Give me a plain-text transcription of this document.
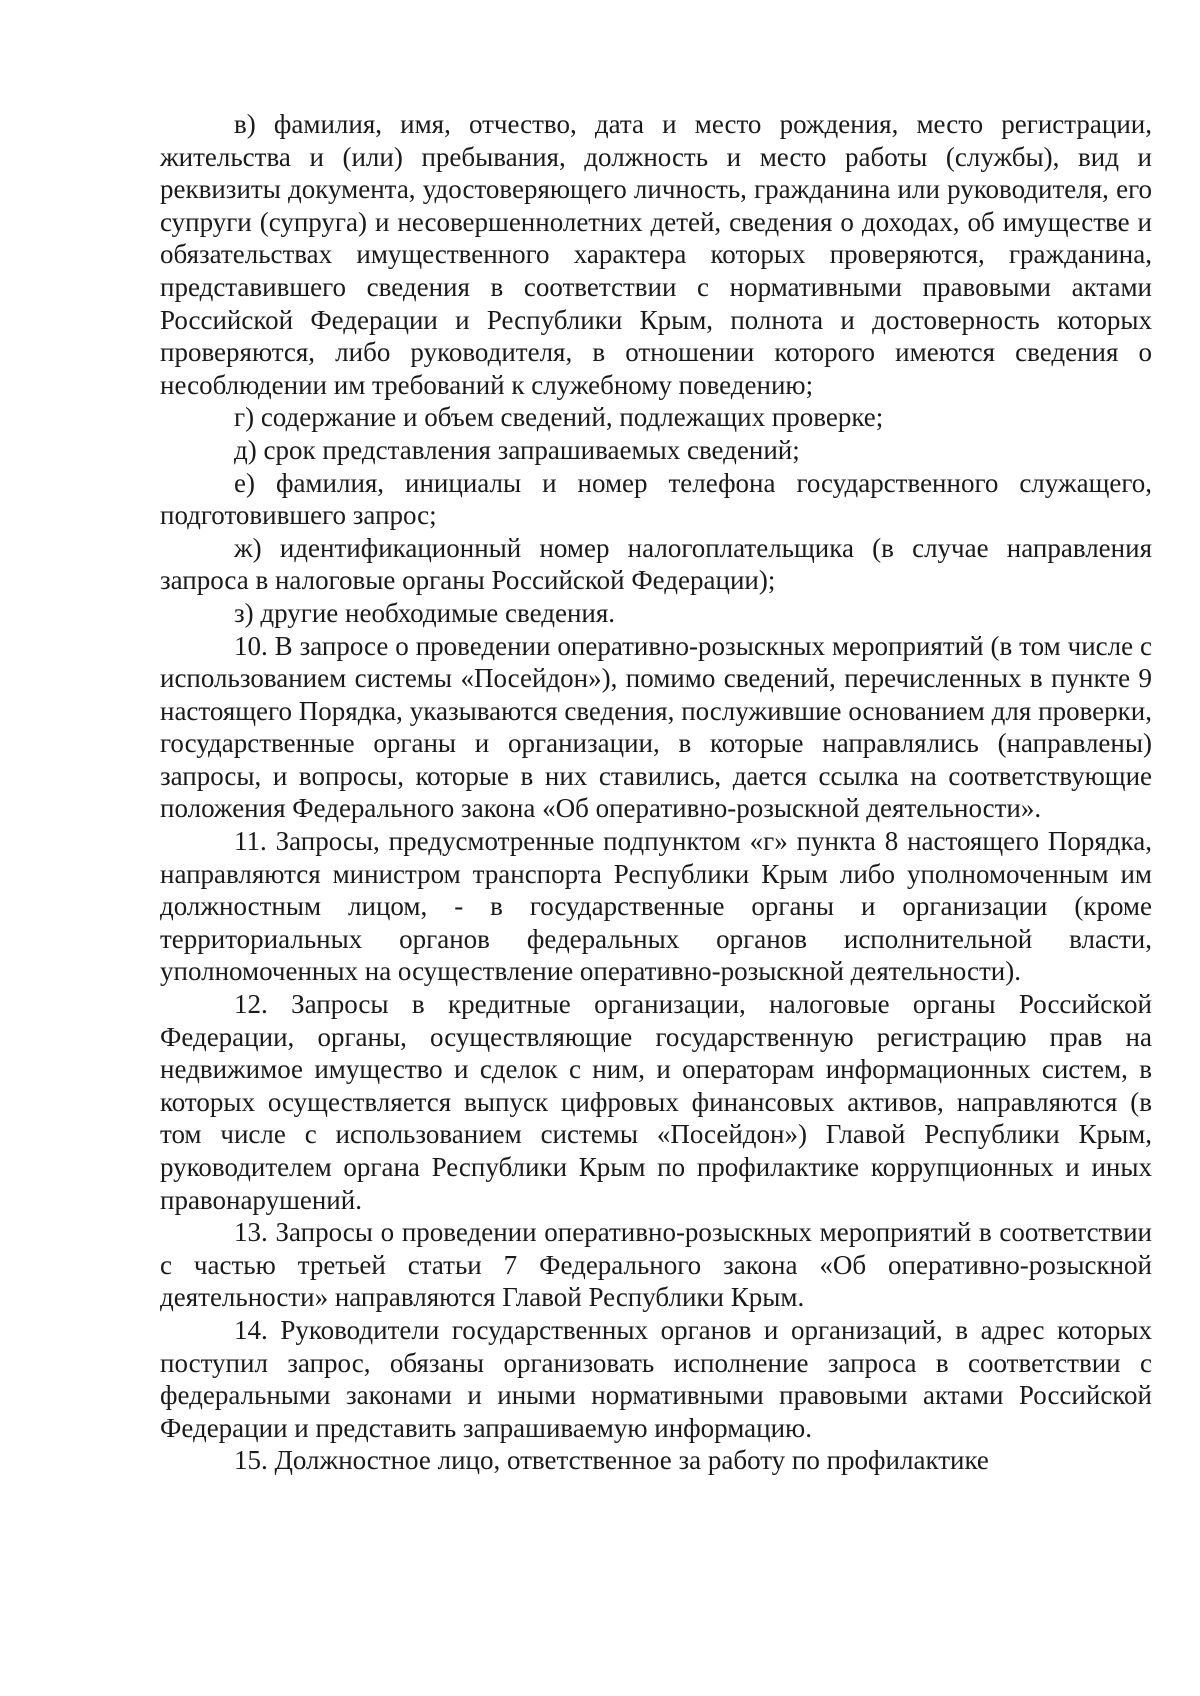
в) фамилия, имя, отчество, дата и место рождения, место регистрации, жительства и (или) пребывания, должность и место работы (службы), вид и реквизиты документа, удостоверяющего личность, гражданина или руководителя, его супруги (супруга) и несовершеннолетних детей, сведения о доходах, об имуществе и обязательствах имущественного характера которых проверяются, гражданина, представившего сведения в соответствии с нормативными правовыми актами Российской Федерации и Республики Крым, полнота и достоверность которых проверяются, либо руководителя, в отношении которого имеются сведения о несоблюдении им требований к служебному поведению;

г) содержание и объем сведений, подлежащих проверке;

д) срок представления запрашиваемых сведений;

е) фамилия, инициалы и номер телефона государственного служащего, подготовившего запрос;

ж) идентификационный номер налогоплательщика (в случае направления запроса в налоговые органы Российской Федерации);

з) другие необходимые сведения.

10. В запросе о проведении оперативно-розыскных мероприятий (в том числе с использованием системы «Посейдон»), помимо сведений, перечисленных в пункте 9 настоящего Порядка, указываются сведения, послужившие основанием для проверки, государственные органы и организации, в которые направлялись (направлены) запросы, и вопросы, которые в них ставились, дается ссылка на соответствующие положения Федерального закона «Об оперативно-розыскной деятельности».

11. Запросы, предусмотренные подпунктом «г» пункта 8 настоящего Порядка, направляются министром транспорта Республики Крым либо уполномоченным им должностным лицом, - в государственные органы и организации (кроме территориальных органов федеральных органов исполнительной власти, уполномоченных на осуществление оперативно-розыскной деятельности).

12. Запросы в кредитные организации, налоговые органы Российской Федерации, органы, осуществляющие государственную регистрацию прав на недвижимое имущество и сделок с ним, и операторам информационных систем, в которых осуществляется выпуск цифровых финансовых активов, направляются (в том числе с использованием системы «Посейдон») Главой Республики Крым, руководителем органа Республики Крым по профилактике коррупционных и иных правонарушений.

13. Запросы о проведении оперативно-розыскных мероприятий в соответствии с частью третьей статьи 7 Федерального закона «Об оперативно-розыскной деятельности» направляются Главой Республики Крым.

14. Руководители государственных органов и организаций, в адрес которых поступил запрос, обязаны организовать исполнение запроса в соответствии с федеральными законами и иными нормативными правовыми актами Российской Федерации и представить запрашиваемую информацию.

15. Должностное лицо, ответственное за работу по профилактике
